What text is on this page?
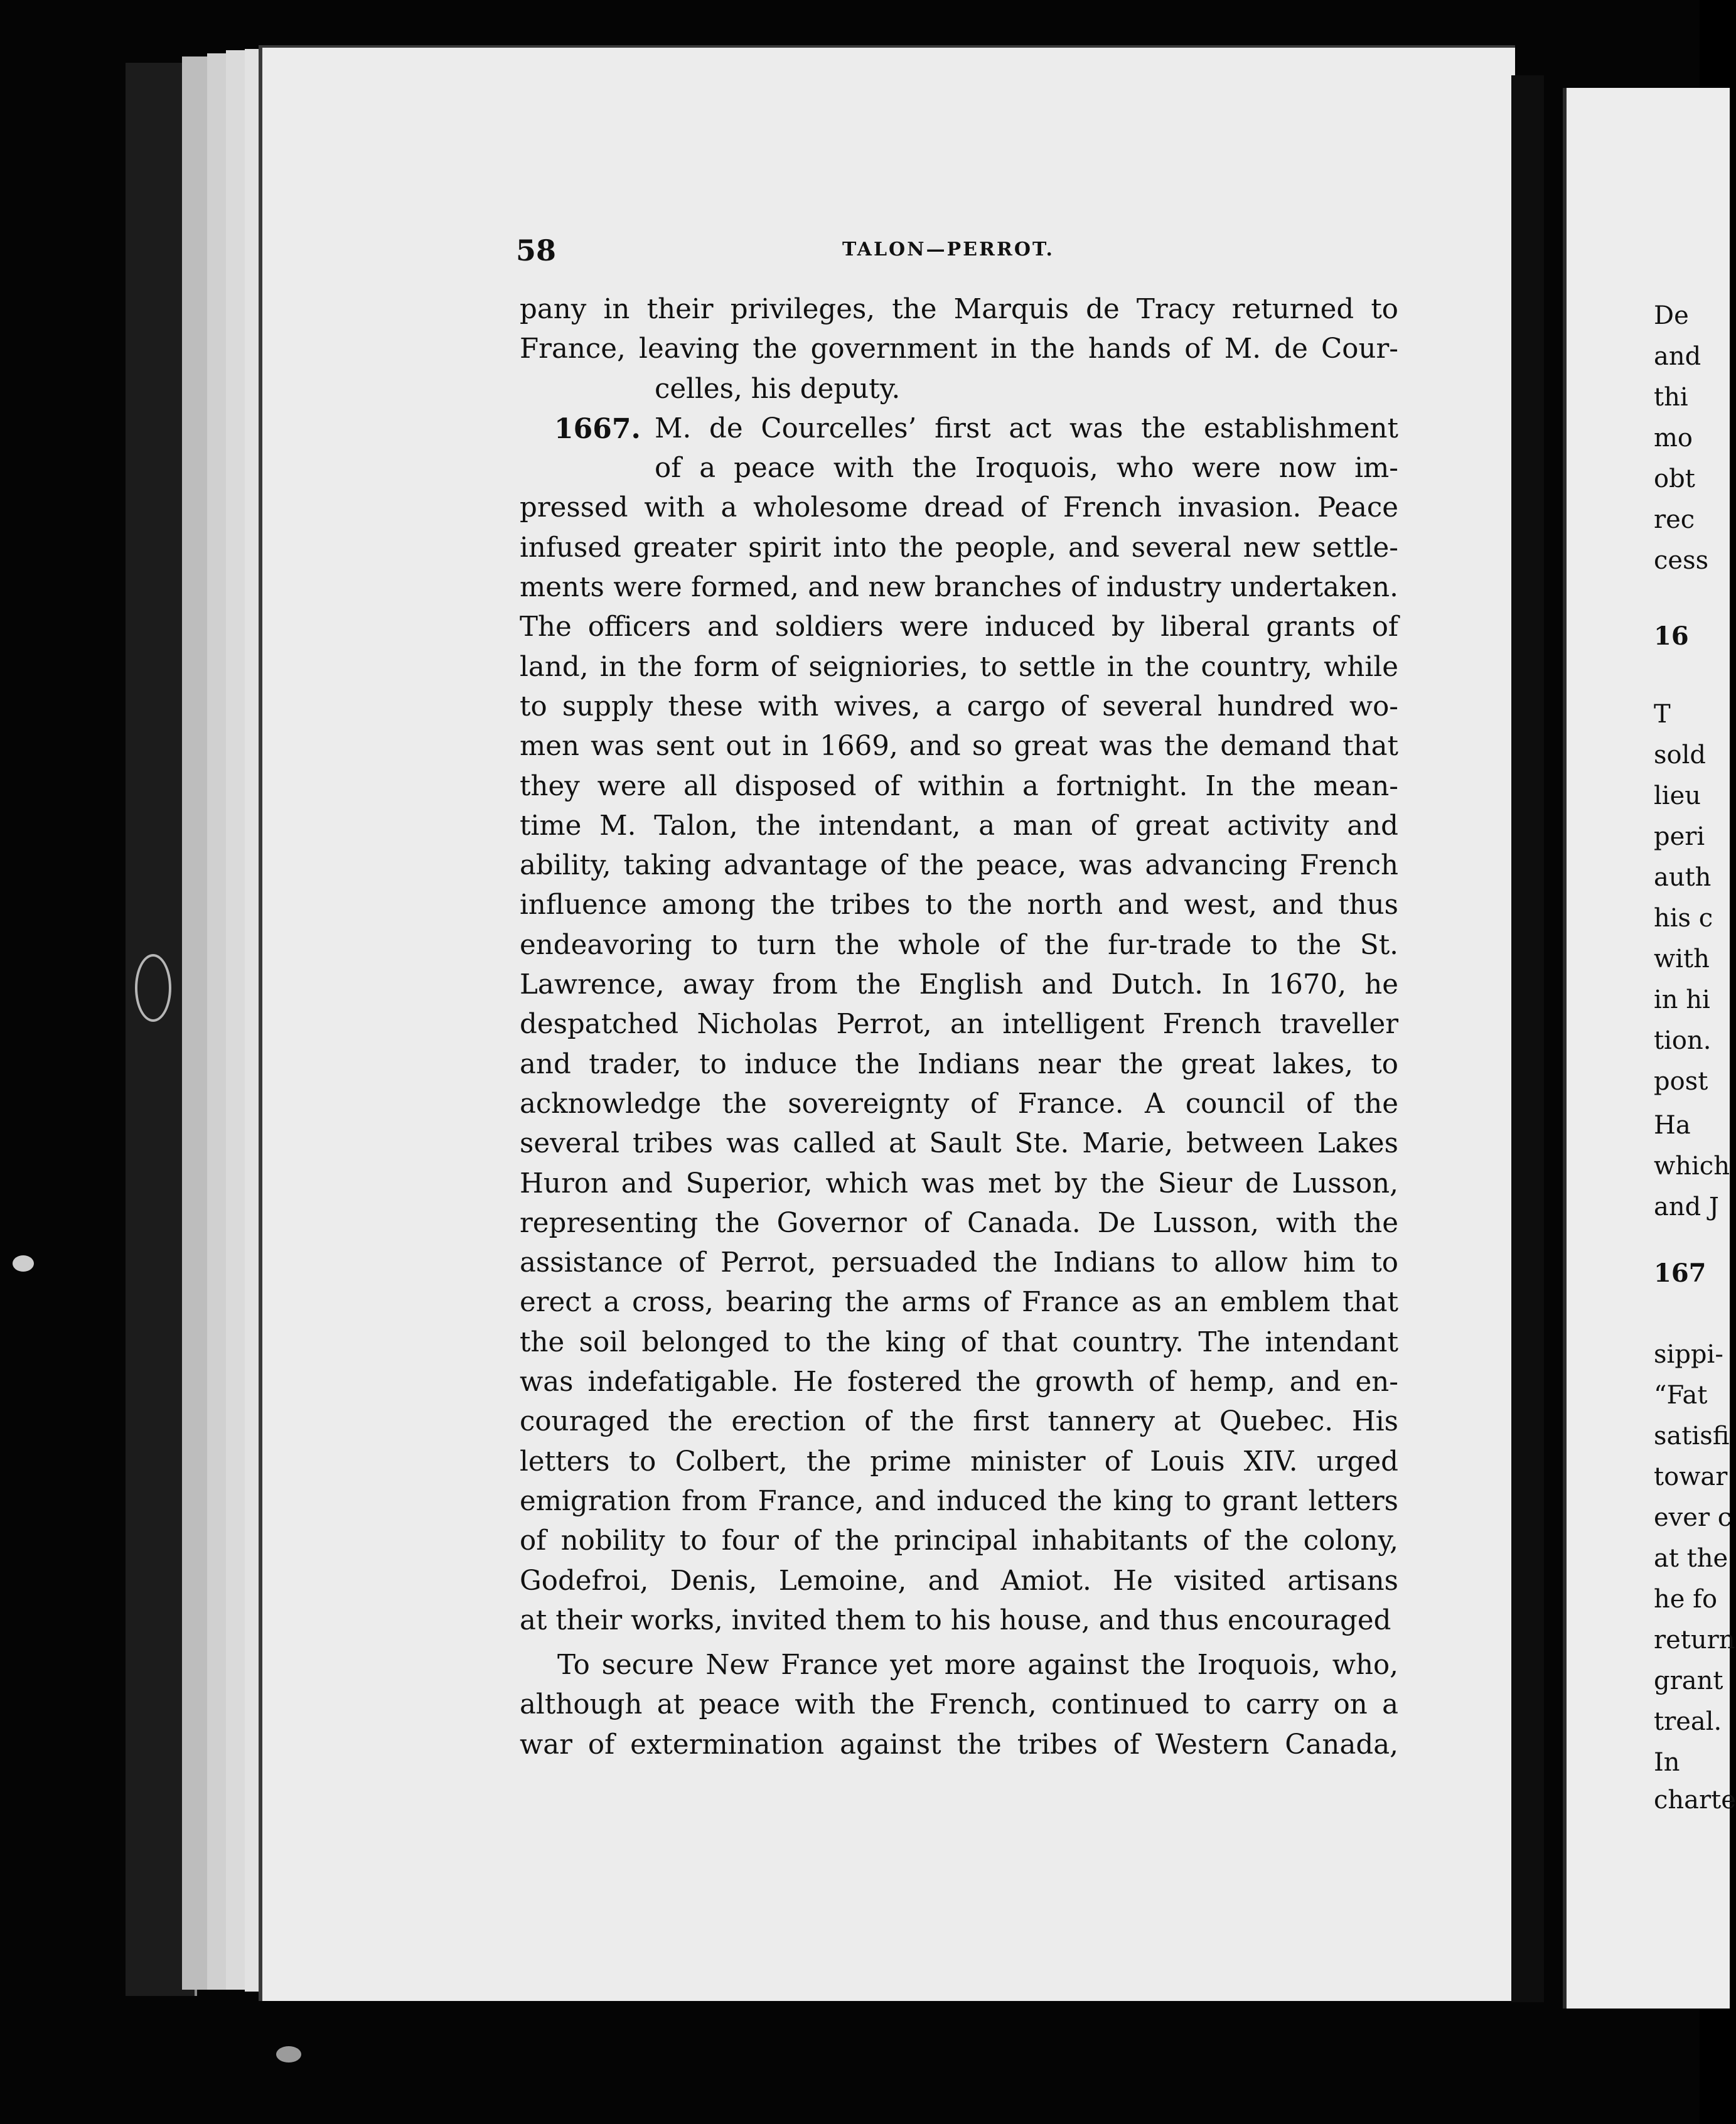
58	TALON—PERROT.
pany in their privileges, the Marquis de Tracy returned to
France, leaving the government in the hands of M. de Cour-
celles, his deputy.
1667. M. de Courcelles’ first act was the establishment
of a peace with the Iroquois, who were now im-
pressed with a wholesome dread of French invasion. Peace
infused greater spirit into the people, and several new settle-
ments were formed, and new branches of industry undertaken.
The officers and soldiers were induced by liberal grants of
land, in the form of seigniories, to settle in the country, while
to supply these with wives, a cargo of several hundred wo-
men was sent out in 1669, and so great was the demand that
they were all disposed of within a fortnight. In the mean-
time M. Talon, the intendant, a man of great activity and
ability, taking advantage of the peace, was advancing French
influence among the tribes to the north and west, and thus
endeavoring to turn the whole of the fur-trade to the St.
Lawrence, away from the English and Dutch. In 1670, he
despatched Nicholas Perrot, an intelligent French traveller
and trader, to induce the Indians near the great lakes, to
acknowledge the sovereignty of France. A council of the
several tribes was called at Sault Ste. Marie, between Lakes
Huron and Superior, which was met by the Sieur de Lusson,
representing the Governor of Canada. De Lusson, with the
assistance of Perrot, persuaded the Indians to allow him to
erect a cross, bearing the arms of France as an emblem that
the soil belonged to the king of that country. The intendant
was indefatigable. He fostered the growth of hemp, and en-
couraged the erection of the first tannery at Quebec. His
letters to Colbert, the prime minister of Louis XIV. urged
emigration from France, and induced the king to grant letters
of nobility to four of the principal inhabitants of the colony,
Godefroi, Denis, Lemoine, and Amiot. He visited artisans
at their works, invited them to his house, and thus encouraged
To secure New France yet more against the Iroquois, who,
although at peace with the French, continued to carry on a
war of extermination against the tribes of Western Canada,
De
and
thi
mo
obt
rec
cess
16
T
sold
lieu
peri
auth
his c
with
in hi
tion.
post
Ha
which
and J
167
sippi-
“Fat
satisfi
towar
ever c
at the
he fo
return
grant
treal.
In
charte
